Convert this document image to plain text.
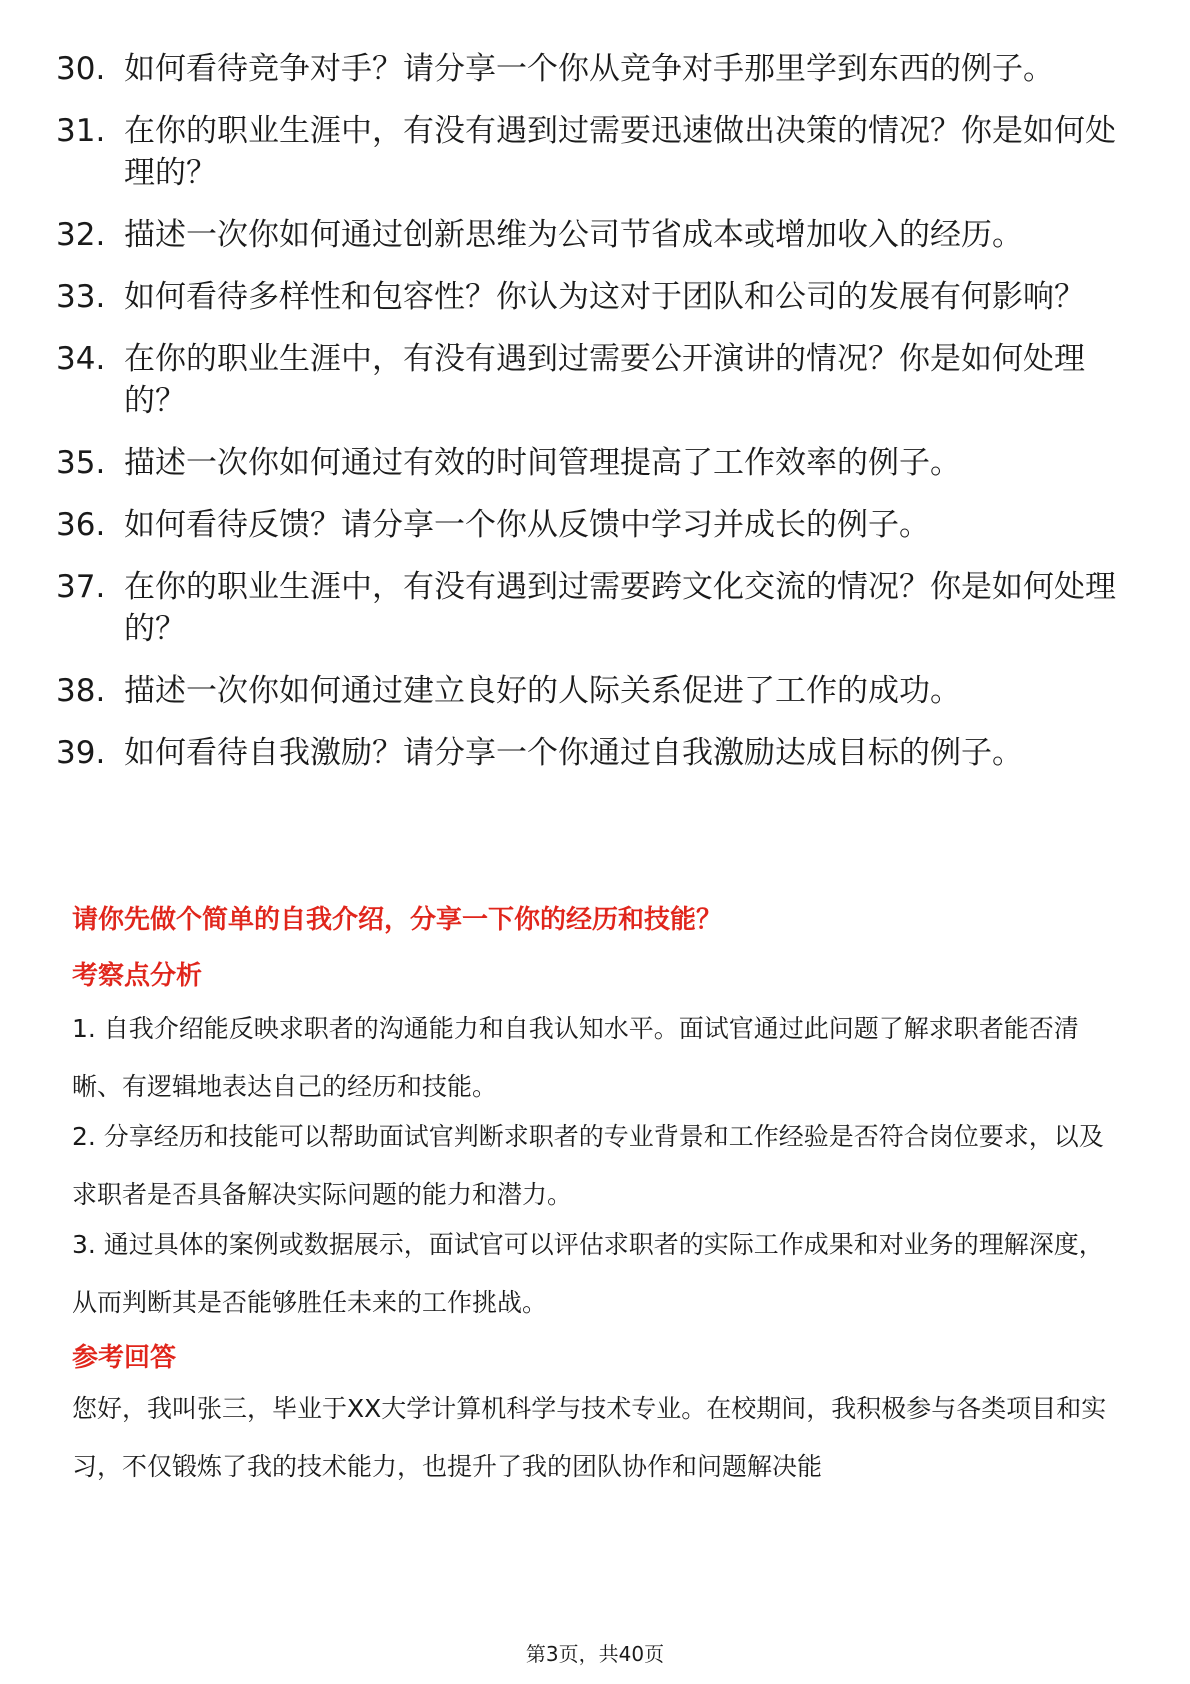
30. 如何看待竞争对手？请分享一个你从竞争对手那里学到东西的例子。
31. 在你的职业生涯中，有没有遇到过需要迅速做出决策的情况？你是如何处理的？
32. 描述一次你如何通过创新思维为公司节省成本或增加收入的经历。
33. 如何看待多样性和包容性？你认为这对于团队和公司的发展有何影响？
34. 在你的职业生涯中，有没有遇到过需要公开演讲的情况？你是如何处理的？
35. 描述一次你如何通过有效的时间管理提高了工作效率的例子。
36. 如何看待反馈？请分享一个你从反馈中学习并成长的例子。
37. 在你的职业生涯中，有没有遇到过需要跨文化交流的情况？你是如何处理的？
38. 描述一次你如何通过建立良好的人际关系促进了工作的成功。
39. 如何看待自我激励？请分享一个你通过自我激励达成目标的例子。

请你先做个简单的自我介绍，分享一下你的经历和技能？

考察点分析

1. 自我介绍能反映求职者的沟通能力和自我认知水平。面试官通过此问题了解求职者能否清晰、有逻辑地表达自己的经历和技能。

2. 分享经历和技能可以帮助面试官判断求职者的专业背景和工作经验是否符合岗位要求，以及求职者是否具备解决实际问题的能力和潜力。

3. 通过具体的案例或数据展示，面试官可以评估求职者的实际工作成果和对业务的理解深度，从而判断其是否能够胜任未来的工作挑战。

参考回答

您好，我叫张三，毕业于XX大学计算机科学与技术专业。在校期间，我积极参与各类项目和实习，不仅锻炼了我的技术能力，也提升了我的团队协作和问题解决能

第3页，共40页
